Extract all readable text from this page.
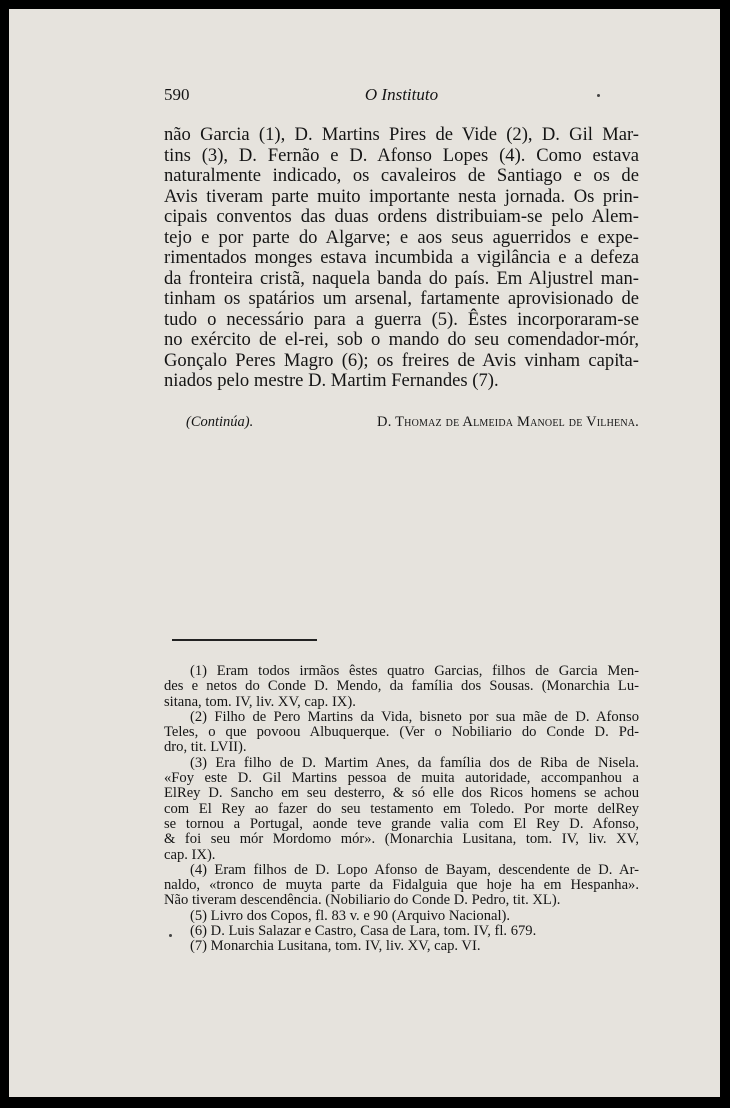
590	O Instituto
não Garcia (1), D. Martins Pires de Vide (2), D. Gil Mar-
tins (3), D. Fernão e D. Afonso Lopes (4). Como estava
naturalmente indicado, os cavaleiros de Santiago e os de
Avis tiveram parte muito importante nesta jornada. Os prin-
cipais conventos das duas ordens distribuiam-se pelo Alem-
tejo e por parte do Algarve; e aos seus aguerridos e expe-
rimentados monges estava incumbida a vigilância e a defeza
da fronteira cristã, naquela banda do país. Em Aljustrel man-
tinham os spatários um arsenal, fartamente aprovisionado de
tudo o necessário para a guerra (5). Êstes incorporaram-se
no exército de el-rei, sob o mando do seu comendador-mór,
Gonçalo Peres Magro (6); os freires de Avis vinham capita-
niados pelo mestre D. Martim Fernandes (7).
(Continúa).	D. Thomaz de Almeida Manoel de Vilhena.
(1) Eram todos irmãos êstes quatro Garcias, filhos de Garcia Men-
des e netos do Conde D. Mendo, da família dos Sousas. (Monarchia Lu-
sitana, tom. IV, liv. XV, cap. IX).
(2) Filho de Pero Martins da Vida, bisneto por sua mãe de D. Afonso
Teles, o que povoou Albuquerque. (Ver o Nobiliario do Conde D. Pd-
dro, tit. LVII).
(3) Era filho de D. Martim Anes, da família dos de Riba de Nisela.
«Foy este D. Gil Martins pessoa de muita autoridade, accompanhou a
ElRey D. Sancho em seu desterro, & só elle dos Ricos homens se achou
com El Rey ao fazer do seu testamento em Toledo. Por morte delRey
se tornou a Portugal, aonde teve grande valia com El Rey D. Afonso,
& foi seu mór Mordomo mór». (Monarchia Lusitana, tom. IV, liv. XV,
cap. IX).
(4) Eram filhos de D. Lopo Afonso de Bayam, descendente de D. Ar-
naldo, «tronco de muyta parte da Fidalguia que hoje ha em Hespanha».
Não tiveram descendência. (Nobiliario do Conde D. Pedro, tit. XL).
(5) Livro dos Copos, fl. 83 v. e 90 (Arquivo Nacional).
(6) D. Luis Salazar e Castro, Casa de Lara, tom. IV, fl. 679.
(7) Monarchia Lusitana, tom. IV, liv. XV, cap. VI.
